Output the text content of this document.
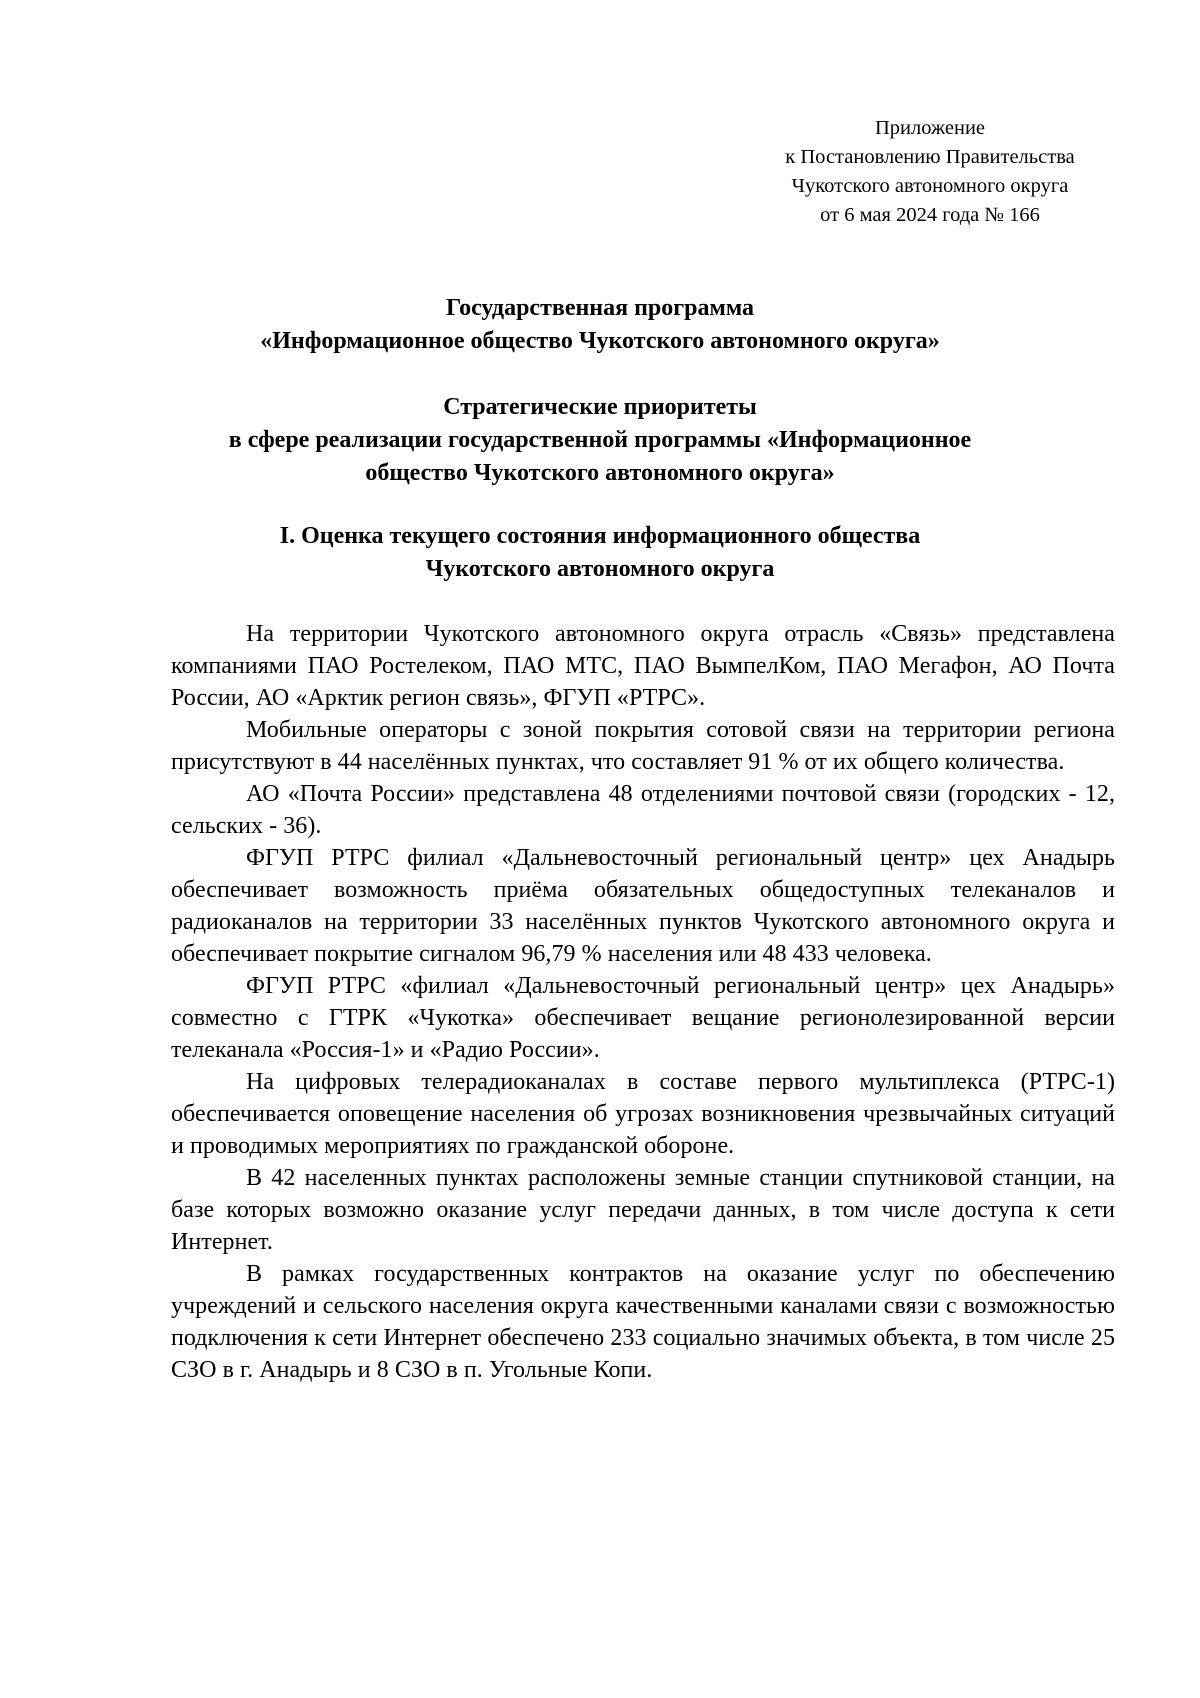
Приложение
к Постановлению Правительства
Чукотского автономного округа
от 6 мая 2024 года № 166
Государственная программа
«Информационное общество Чукотского автономного округа»
Стратегические приоритеты
в сфере реализации государственной программы «Информационное
общество Чукотского автономного округа»
I. Оценка текущего состояния информационного общества
Чукотского автономного округа

На территории Чукотского автономного округа отрасль «Связь» представлена компаниями ПАО Ростелеком, ПАО МТС, ПАО ВымпелКом, ПАО Мегафон, АО Почта России, АО «Арктик регион связь», ФГУП «РТРС».

Мобильные операторы с зоной покрытия сотовой связи на территории региона присутствуют в 44 населённых пунктах, что составляет 91 % от их общего количества.

АО «Почта России» представлена 48 отделениями почтовой связи (городских - 12, сельских - 36).

ФГУП РТРС филиал «Дальневосточный региональный центр» цех Анадырь обеспечивает возможность приёма обязательных общедоступных телеканалов и радиоканалов на территории 33 населённых пунктов Чукотского автономного округа и обеспечивает покрытие сигналом 96,79 % населения или 48 433 человека.

ФГУП РТРС «филиал «Дальневосточный региональный центр» цех Анадырь» совместно с ГТРК «Чукотка» обеспечивает вещание регионолезированной версии телеканала «Россия-1» и «Радио России».

На цифровых телерадиоканалах в составе первого мультиплекса (РТРС-1) обеспечивается оповещение населения об угрозах возникновения чрезвычайных ситуаций и проводимых мероприятиях по гражданской обороне.

В 42 населенных пунктах расположены земные станции спутниковой станции, на базе которых возможно оказание услуг передачи данных, в том числе доступа к сети Интернет.

В рамках государственных контрактов на оказание услуг по обеспечению учреждений и сельского населения округа качественными каналами связи с возможностью подключения к сети Интернет обеспечено 233 социально значимых объекта, в том числе 25 СЗО в г. Анадырь и 8 СЗО в п. Угольные Копи.
